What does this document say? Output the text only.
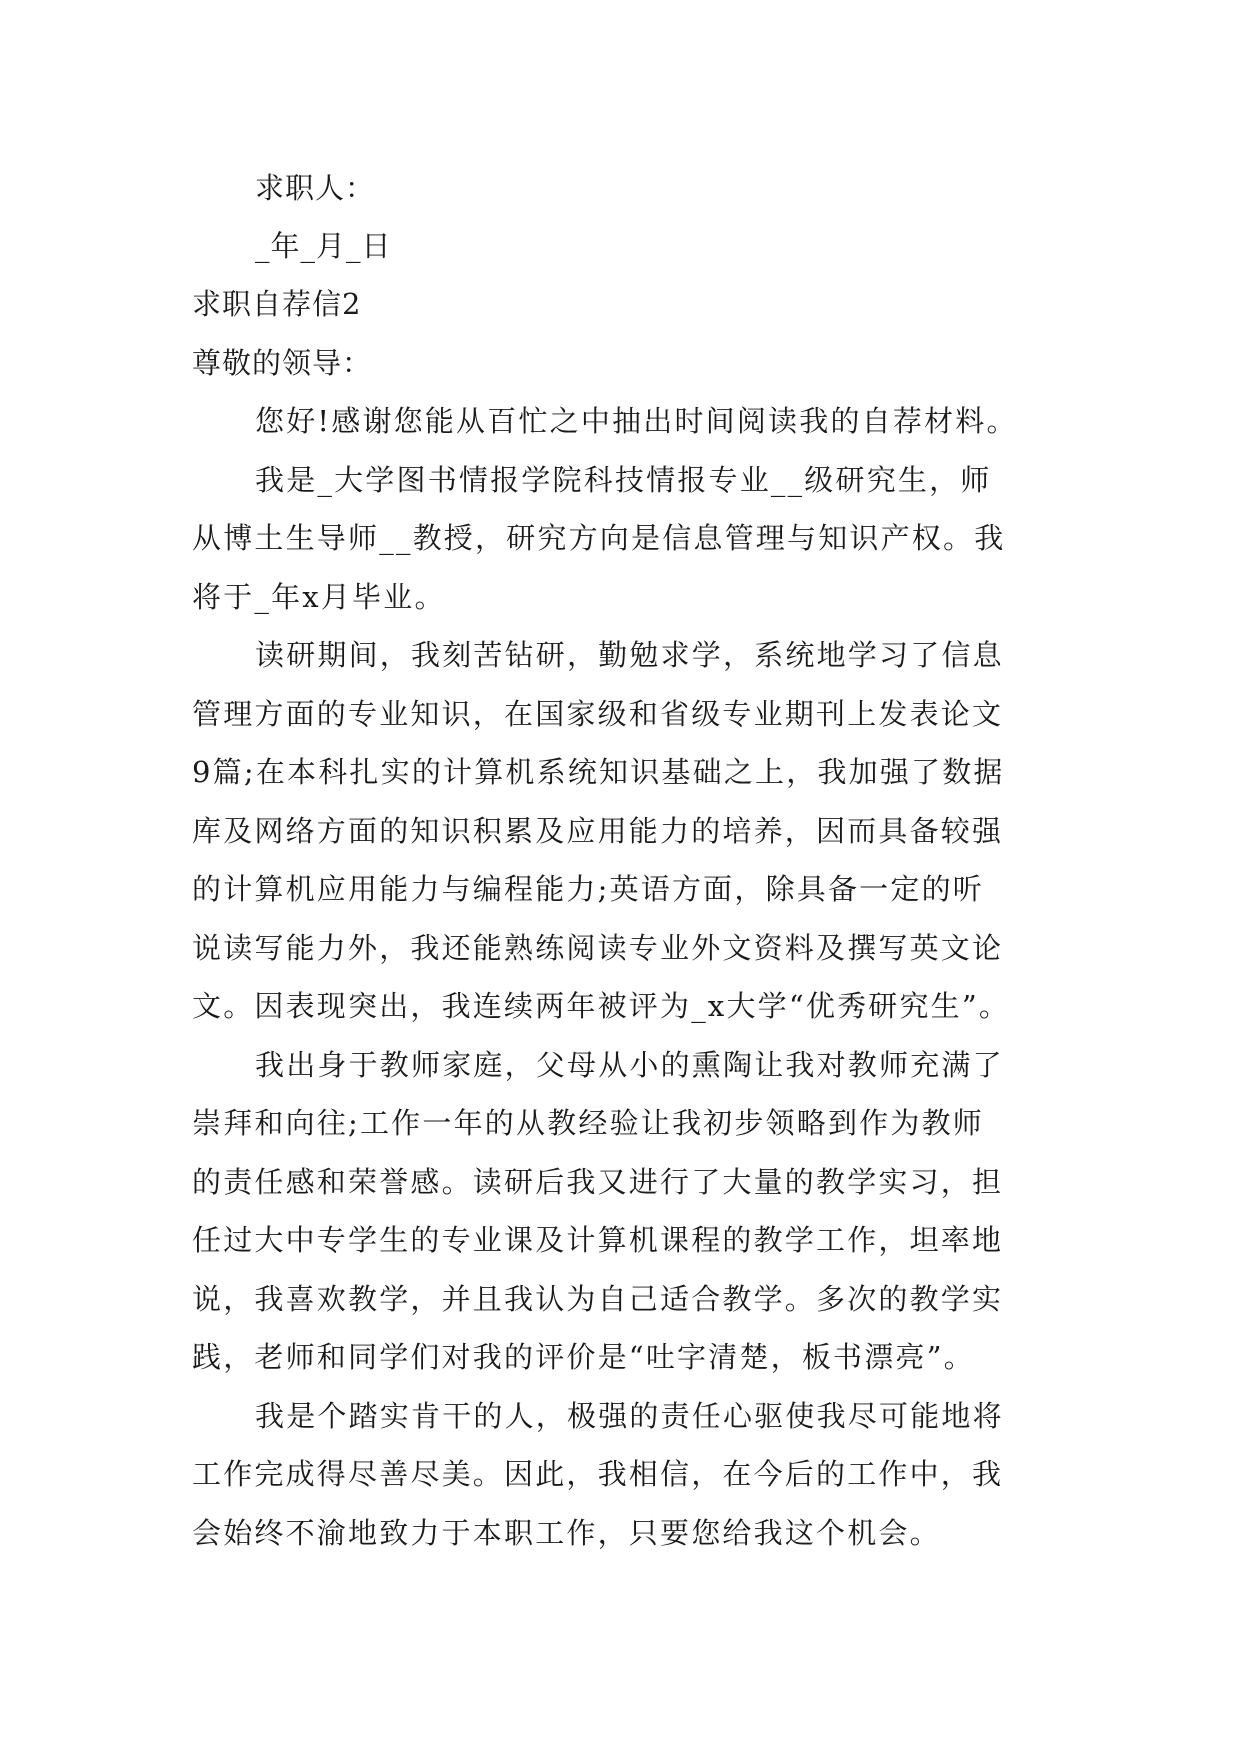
求职人：
_年_月_日
求职自荐信2
尊敬的领导：
您好!感谢您能从百忙之中抽出时间阅读我的自荐材料。
我是_大学图书情报学院科技情报专业__级研究生，师
从博土生导师__教授，研究方向是信息管理与知识产权。我
将于_年x月毕业。
读研期间，我刻苦钻研，勤勉求学，系统地学习了信息
管理方面的专业知识，在国家级和省级专业期刊上发表论文
9篇;在本科扎实的计算机系统知识基础之上，我加强了数据
库及网络方面的知识积累及应用能力的培养，因而具备较强
的计算机应用能力与编程能力;英语方面，除具备一定的听
说读写能力外，我还能熟练阅读专业外文资料及撰写英文论
文。因表现突出，我连续两年被评为_x大学“优秀研究生”。
我出身于教师家庭，父母从小的熏陶让我对教师充满了
崇拜和向往;工作一年的从教经验让我初步领略到作为教师
的责任感和荣誉感。读研后我又进行了大量的教学实习，担
任过大中专学生的专业课及计算机课程的教学工作，坦率地
说，我喜欢教学，并且我认为自己适合教学。多次的教学实
践，老师和同学们对我的评价是“吐字清楚，板书漂亮”。
我是个踏实肯干的人，极强的责任心驱使我尽可能地将
工作完成得尽善尽美。因此，我相信，在今后的工作中，我
会始终不渝地致力于本职工作，只要您给我这个机会。
